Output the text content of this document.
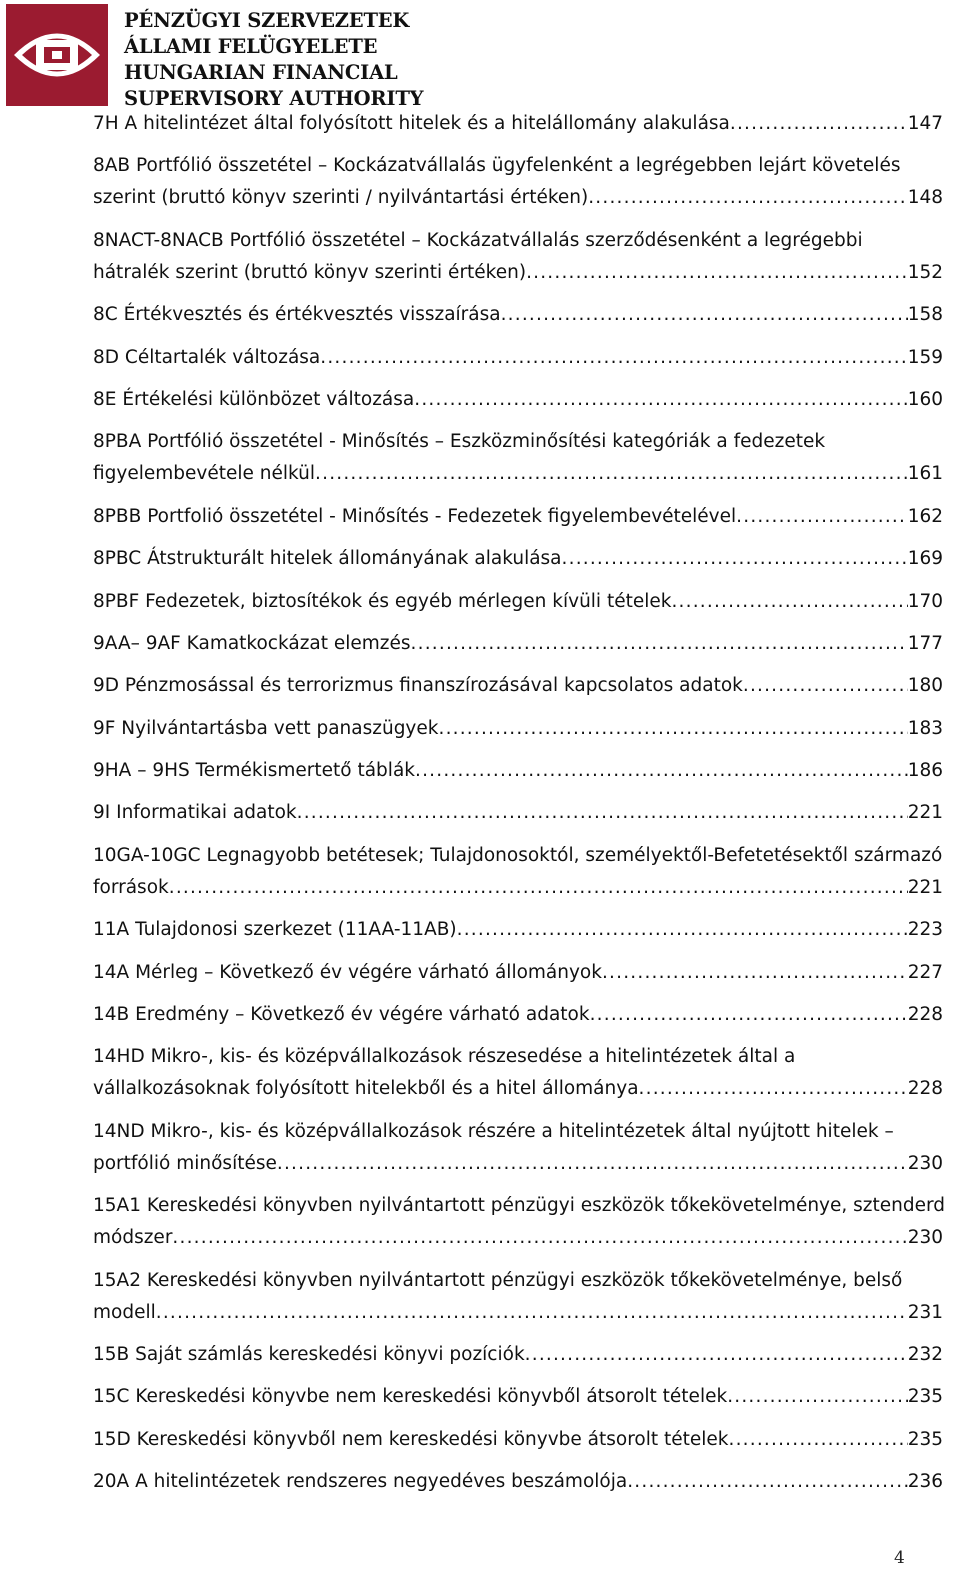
PÉNZÜGYI SZERVEZETEK
ÁLLAMI FELÜGYELETE
HUNGARIAN FINANCIAL
SUPERVISORY AUTHORITY
7H A hitelintézet által folyósított hitelek és a hitelállomány alakulása .....	147
8AB Portfólió összetétel – Kockázatvállalás ügyfelenként a legrégebben lejárt követelés
szerint (bruttó könyv szerinti / nyilvántartási értéken) .....	148
8NACT-8NACB Portfólió összetétel – Kockázatvállalás szerződésenként a legrégebbi
hátralék szerint (bruttó könyv szerinti értéken) .....	152
8C Értékvesztés és értékvesztés visszaírása .....	158
8D Céltartalék változása .....	159
8E Értékelési különbözet változása .....	160
8PBA Portfólió összetétel - Minősítés – Eszközminősítési kategóriák a fedezetek
figyelembevétele nélkül .....	161
8PBB Portfolió összetétel - Minősítés - Fedezetek figyelembevételével .....	162
8PBC Átstrukturált hitelek állományának alakulása .....	169
8PBF Fedezetek, biztosítékok és egyéb mérlegen kívüli tételek .....	170
9AA– 9AF Kamatkockázat elemzés .....	177
9D Pénzmosással és terrorizmus finanszírozásával kapcsolatos adatok .....	180
9F Nyilvántartásba vett panaszügyek .....	183
9HA – 9HS Termékismertető táblák .....	186
9I Informatikai adatok .....	221
10GA-10GC Legnagyobb betétesek; Tulajdonosoktól, személyektől-Befetetésektől származó
források .....	221
11A Tulajdonosi szerkezet (11AA-11AB) .....	223
14A Mérleg – Következő év végére várható állományok .....	227
14B Eredmény – Következő év végére várható adatok .....	228
14HD Mikro-, kis- és középvállalkozások részesedése a hitelintézetek által a
vállalkozásoknak folyósított hitelekből és a hitel állománya .....	228
14ND Mikro-, kis- és középvállalkozások részére a hitelintézetek által nyújtott hitelek –
portfólió minősítése .....	230
15A1 Kereskedési könyvben nyilvántartott pénzügyi eszközök tőkekövetelménye, sztenderd
módszer .....	230
15A2 Kereskedési könyvben nyilvántartott pénzügyi eszközök tőkekövetelménye, belső
modell .....	231
15B Saját számlás kereskedési könyvi pozíciók .....	232
15C Kereskedési könyvbe nem kereskedési könyvből átsorolt tételek .....	235
15D Kereskedési könyvből nem kereskedési könyvbe átsorolt tételek .....	235
20A A hitelintézetek rendszeres negyedéves beszámolója .....	236
4
